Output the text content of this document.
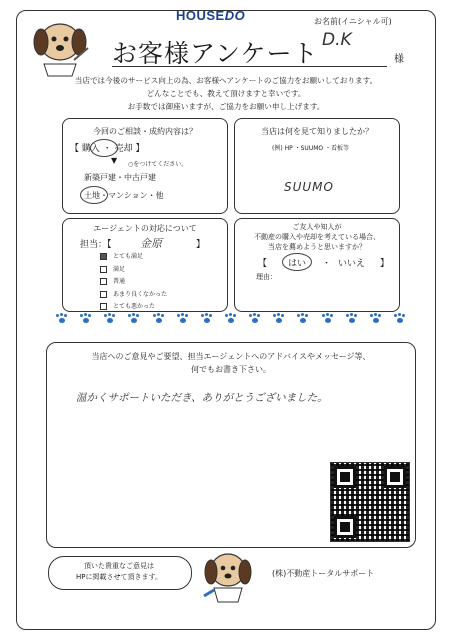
HOUSEDO	お名前(イニシャル可)
お客様アンケート D.K
様
当店では今後のサービス向上の為、お客様へアンケートのご協力をお願いしております。
どんなことでも、教えて頂けますと幸いです。
お手数では御座いますが、ご協力をお願い申し上げます。
今回のご相談・成約内容は？
【 購入 ・ 売却 】
▼ ○をつけてください。
新築戸建・中古戸建
土地・マンション・他
当店は何を見て知りましたか？
(例) HP ・SUUMO ・看板等
SUUMO
エージェントの対応について
担当：【	金原	】
とても満足
満足
普通
あまり良くなかった
とても悪かった
ご友人や知人が
不動産の購入や売却を考えている場合、
当店を薦めようと思いますか？
【 はい ・ いいえ 】
理由：
当店へのご意見やご要望、担当エージェントへのアドバイスやメッセージ等、
何でもお書き下さい。
温かくサポートいただき、ありがとうございました。
頂いた貴重なご意見は
HPに掲載させて頂きます。	(株)不動産トータルサポート
